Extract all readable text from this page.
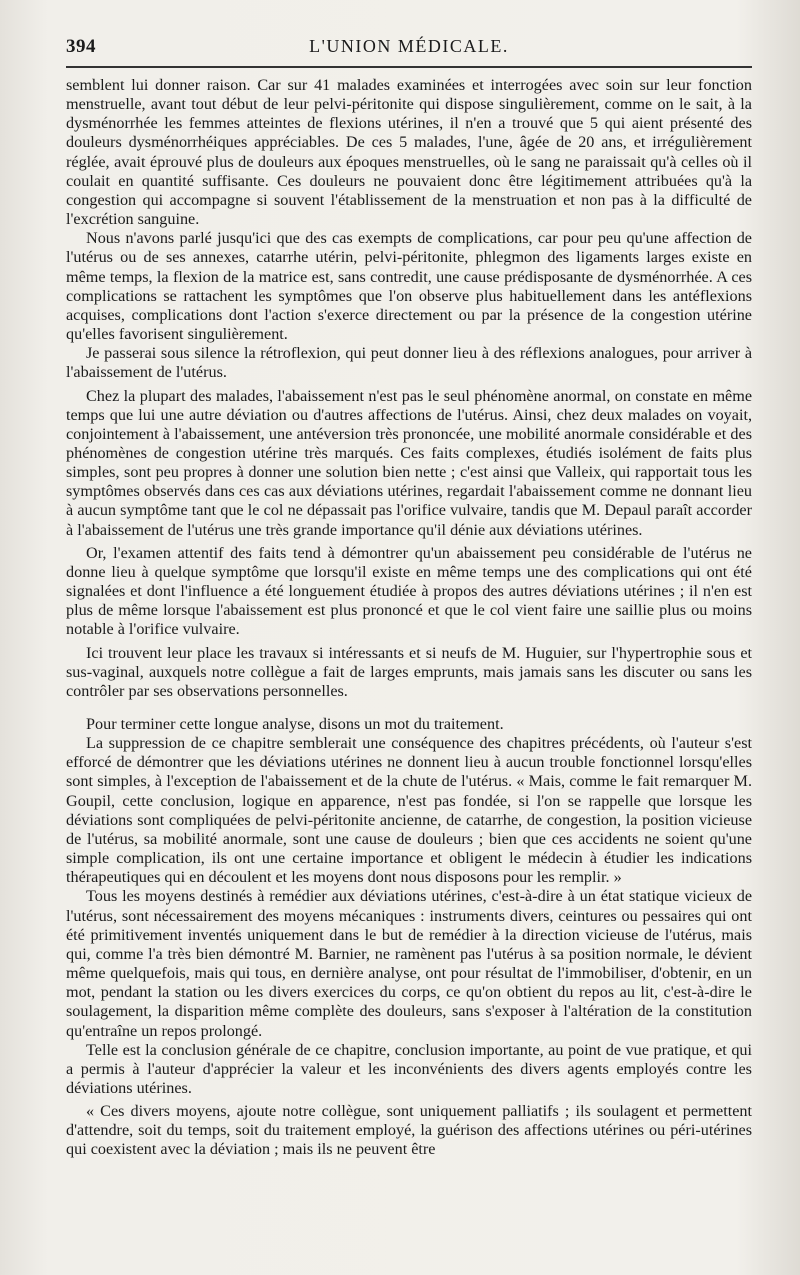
394	L'UNION MÉDICALE.

semblent lui donner raison. Car sur 41 malades examinées et interrogées avec soin sur leur fonction menstruelle, avant tout début de leur pelvi-péritonite qui dispose singulièrement, comme on le sait, à la dysménorrhée les femmes atteintes de flexions utérines, il n'en a trouvé que 5 qui aient présenté des douleurs dysménorrhéiques appréciables. De ces 5 malades, l'une, âgée de 20 ans, et irrégulièrement réglée, avait éprouvé plus de douleurs aux époques menstruelles, où le sang ne paraissait qu'à celles où il coulait en quantité suffisante. Ces douleurs ne pouvaient donc être légitimement attribuées qu'à la congestion qui accompagne si souvent l'établissement de la menstruation et non pas à la difficulté de l'excrétion sanguine.

Nous n'avons parlé jusqu'ici que des cas exempts de complications, car pour peu qu'une affection de l'utérus ou de ses annexes, catarrhe utérin, pelvi-péritonite, phlegmon des ligaments larges existe en même temps, la flexion de la matrice est, sans contredit, une cause prédisposante de dysménorrhée. A ces complications se rattachent les symptômes que l'on observe plus habituellement dans les antéflexions acquises, complications dont l'action s'exerce directement ou par la présence de la congestion utérine qu'elles favorisent singulièrement.

Je passerai sous silence la rétroflexion, qui peut donner lieu à des réflexions analogues, pour arriver à l'abaissement de l'utérus.

Chez la plupart des malades, l'abaissement n'est pas le seul phénomène anormal, on constate en même temps que lui une autre déviation ou d'autres affections de l'utérus. Ainsi, chez deux malades on voyait, conjointement à l'abaissement, une antéversion très prononcée, une mobilité anormale considérable et des phénomènes de congestion utérine très marqués. Ces faits complexes, étudiés isolément de faits plus simples, sont peu propres à donner une solution bien nette ; c'est ainsi que Valleix, qui rapportait tous les symptômes observés dans ces cas aux déviations utérines, regardait l'abaissement comme ne donnant lieu à aucun symptôme tant que le col ne dépassait pas l'orifice vulvaire, tandis que M. Depaul paraît accorder à l'abaissement de l'utérus une très grande importance qu'il dénie aux déviations utérines.

Or, l'examen attentif des faits tend à démontrer qu'un abaissement peu considérable de l'utérus ne donne lieu à quelque symptôme que lorsqu'il existe en même temps une des complications qui ont été signalées et dont l'influence a été longuement étudiée à propos des autres déviations utérines ; il n'en est plus de même lorsque l'abaissement est plus prononcé et que le col vient faire une saillie plus ou moins notable à l'orifice vulvaire.

Ici trouvent leur place les travaux si intéressants et si neufs de M. Huguier, sur l'hypertrophie sous et sus-vaginal, auxquels notre collègue a fait de larges emprunts, mais jamais sans les discuter ou sans les contrôler par ses observations personnelles.

Pour terminer cette longue analyse, disons un mot du traitement.

La suppression de ce chapitre semblerait une conséquence des chapitres précédents, où l'auteur s'est efforcé de démontrer que les déviations utérines ne donnent lieu à aucun trouble fonctionnel lorsqu'elles sont simples, à l'exception de l'abaissement et de la chute de l'utérus. « Mais, comme le fait remarquer M. Goupil, cette conclusion, logique en apparence, n'est pas fondée, si l'on se rappelle que lorsque les déviations sont compliquées de pelvi-péritonite ancienne, de catarrhe, de congestion, la position vicieuse de l'utérus, sa mobilité anormale, sont une cause de douleurs ; bien que ces accidents ne soient qu'une simple complication, ils ont une certaine importance et obligent le médecin à étudier les indications thérapeutiques qui en découlent et les moyens dont nous disposons pour les remplir. »

Tous les moyens destinés à remédier aux déviations utérines, c'est-à-dire à un état statique vicieux de l'utérus, sont nécessairement des moyens mécaniques : instruments divers, ceintures ou pessaires qui ont été primitivement inventés uniquement dans le but de remédier à la direction vicieuse de l'utérus, mais qui, comme l'a très bien démontré M. Barnier, ne ramènent pas l'utérus à sa position normale, le dévient même quelquefois, mais qui tous, en dernière analyse, ont pour résultat de l'immobiliser, d'obtenir, en un mot, pendant la station ou les divers exercices du corps, ce qu'on obtient du repos au lit, c'est-à-dire le soulagement, la disparition même complète des douleurs, sans s'exposer à l'altération de la constitution qu'entraîne un repos prolongé.

Telle est la conclusion générale de ce chapitre, conclusion importante, au point de vue pratique, et qui a permis à l'auteur d'apprécier la valeur et les inconvénients des divers agents employés contre les déviations utérines.

« Ces divers moyens, ajoute notre collègue, sont uniquement palliatifs ; ils soulagent et permettent d'attendre, soit du temps, soit du traitement employé, la guérison des affections utérines ou péri-utérines qui coexistent avec la déviation ; mais ils ne peuvent être
